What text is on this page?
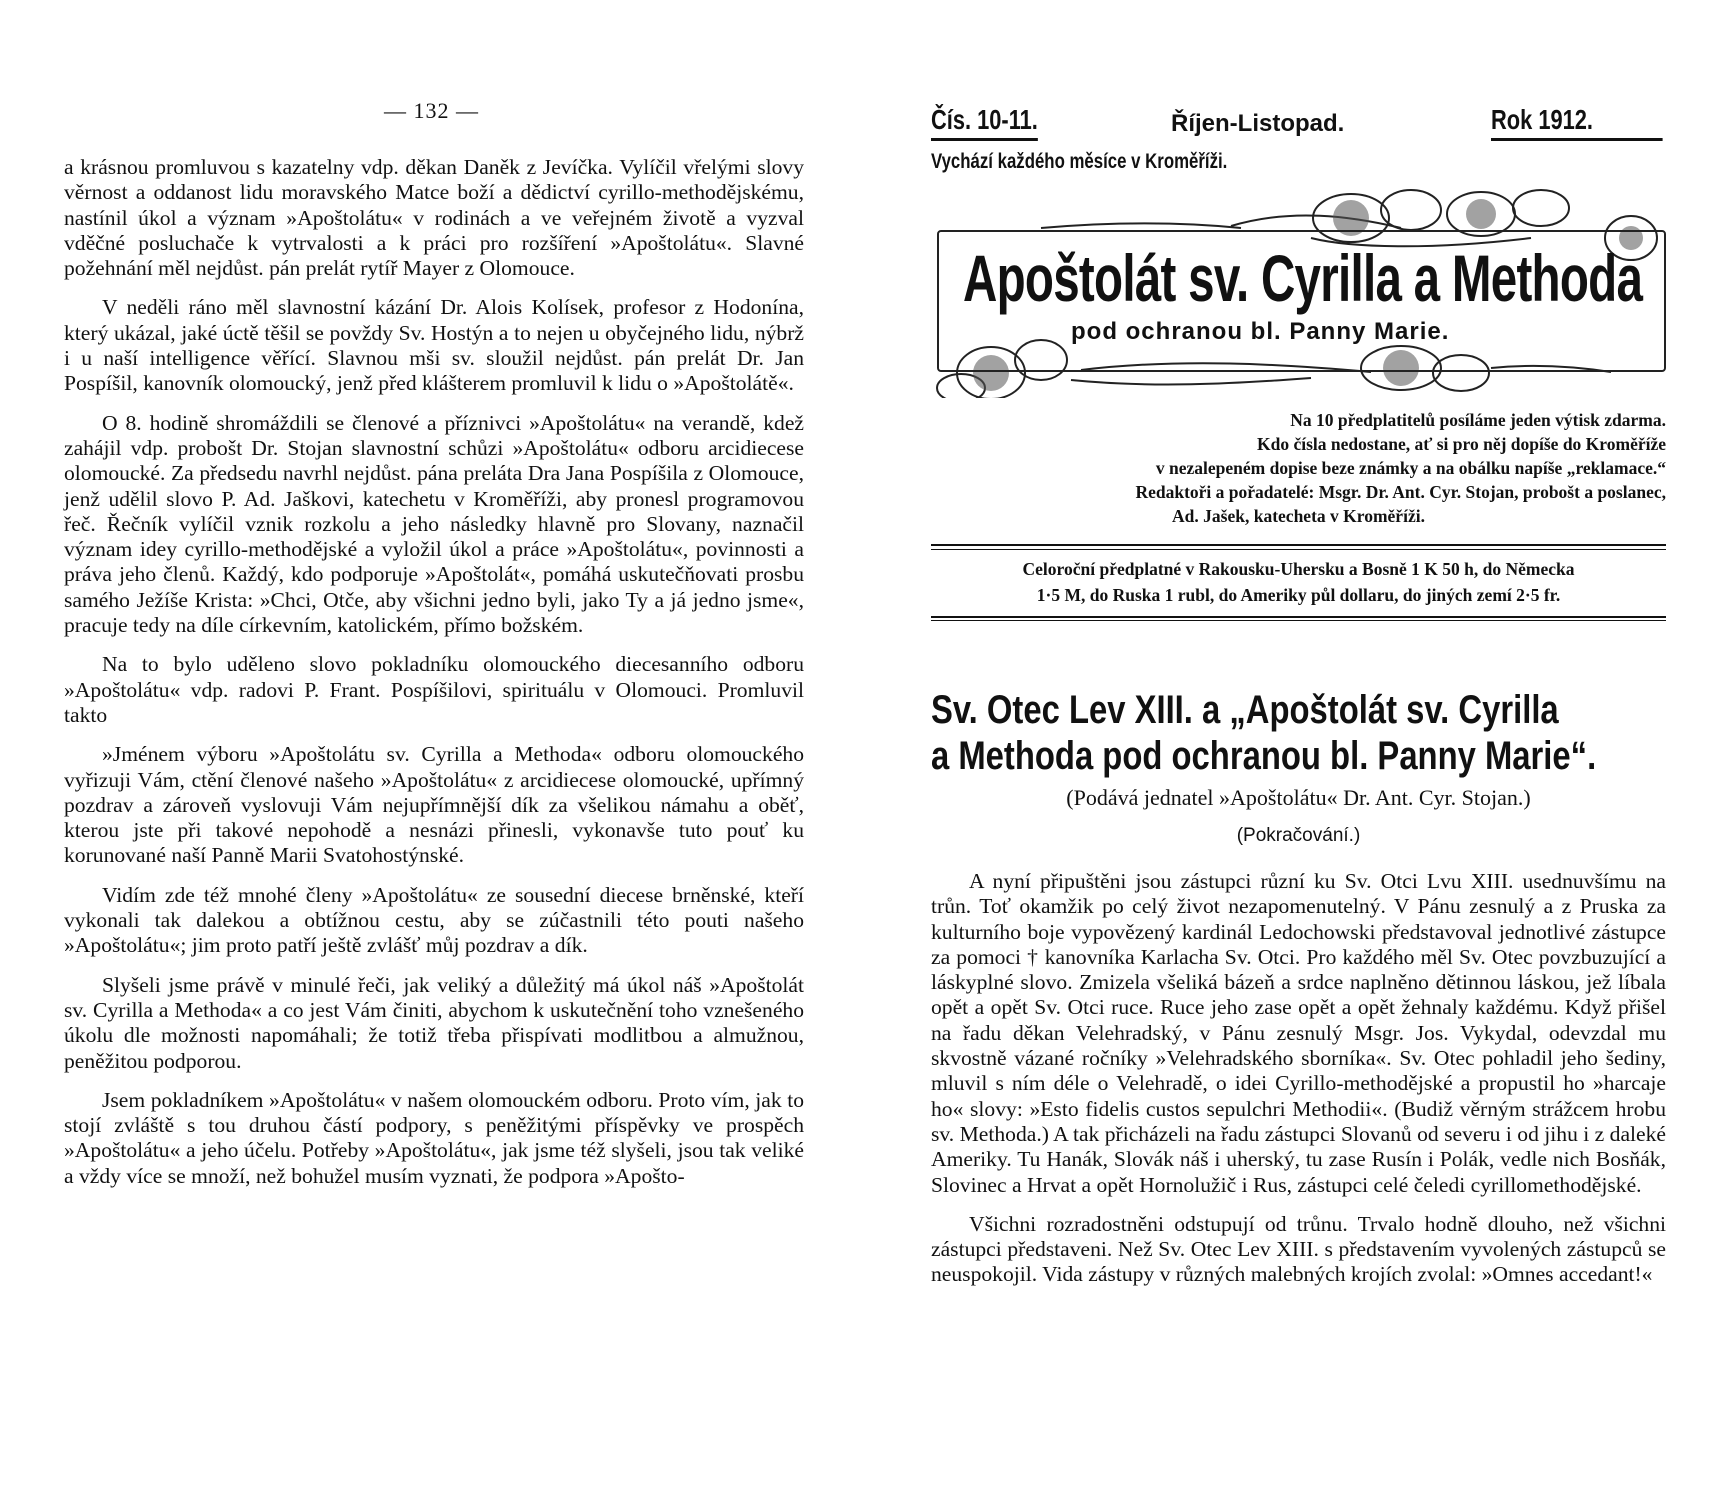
— 132 —

a krásnou promluvou s kazatelny vdp. děkan Daněk z Jevíčka. Vylíčil vřelými slovy věrnost a oddanost lidu moravského Matce boží a dědictví cyrillo-methodějskému, nastínil úkol a význam »Apoštolátu« v rodinách a ve veřejném životě a vyzval vděčné posluchače k vytrvalosti a k práci pro rozšíření »Apoštolátu«. Slavné požehnání měl nejdůst. pán prelát rytíř Mayer z Olomouce.

V neděli ráno měl slavnostní kázání Dr. Alois Kolísek, profesor z Hodonína, který ukázal, jaké úctě těšil se povždy Sv. Hostýn a to nejen u obyčejného lidu, nýbrž i u naší intelligence věřící. Slavnou mši sv. sloužil nejdůst. pán prelát Dr. Jan Pospíšil, kanovník olomoucký, jenž před klášterem promluvil k lidu o »Apoštolátě«.

O 8. hodině shromáždili se členové a příznivci »Apoštolátu« na verandě, kdež zahájil vdp. probošt Dr. Stojan slavnostní schůzi »Apoštolátu« odboru arcidiecese olomoucké. Za předsedu navrhl nejdůst. pána preláta Dra Jana Pospíšila z Olomouce, jenž udělil slovo P. Ad. Jaškovi, katechetu v Kroměříži, aby pronesl programovou řeč. Řečník vylíčil vznik rozkolu a jeho následky hlavně pro Slovany, naznačil význam idey cyrillo-methodějské a vyložil úkol a práce »Apoštolátu«, povinnosti a práva jeho členů. Každý, kdo podporuje »Apoštolát«, pomáhá uskutečňovati prosbu samého Ježíše Krista: »Chci, Otče, aby všichni jedno byli, jako Ty a já jedno jsme«, pracuje tedy na díle církevním, katolickém, přímo božském.

Na to bylo uděleno slovo pokladníku olomouckého diecesanního odboru »Apoštolátu« vdp. radovi P. Frant. Pospíšilovi, spirituálu v Olomouci. Promluvil takto

»Jménem výboru »Apoštolátu sv. Cyrilla a Methoda« odboru olomouckého vyřizuji Vám, ctění členové našeho »Apoštolátu« z arcidiecese olomoucké, upřímný pozdrav a zároveň vyslovuji Vám nejupřímnější dík za všelikou námahu a oběť, kterou jste při takové nepohodě a nesnázi přinesli, vykonavše tuto pouť ku korunované naší Panně Marii Svatohostýnské.

Vidím zde též mnohé členy »Apoštolátu« ze sousední diecese brněnské, kteří vykonali tak dalekou a obtížnou cestu, aby se zúčastnili této pouti našeho »Apoštolátu«; jim proto patří ještě zvlášť můj pozdrav a dík.

Slyšeli jsme právě v minulé řeči, jak veliký a důležitý má úkol náš »Apoštolát sv. Cyrilla a Methoda« a co jest Vám činiti, abychom k uskutečnění toho vznešeného úkolu dle možnosti napomáhali; že totiž třeba přispívati modlitbou a almužnou, peněžitou podporou.

Jsem pokladníkem »Apoštolátu« v našem olomouckém odboru. Proto vím, jak to stojí zvláště s tou druhou částí podpory, s peněžitými příspěvky ve prospěch »Apoštolátu« a jeho účelu. Potřeby »Apoštolátu«, jak jsme též slyšeli, jsou tak veliké a vždy více se množí, než bohužel musím vyznati, že podpora »Apošto-

Čís. 10-11.	Říjen-Listopad.	Rok 1912.
Vychází každého měsíce v Kroměříži.
Apoštolát sv. Cyrilla a Methoda
pod ochranou bl. Panny Marie.
Na 10 předplatitelů posíláme jeden výtisk zdarma.
Kdo čísla nedostane, ať si pro něj dopíše do Kroměříže
v nezalepeném dopise beze známky a na obálku napíše „reklamace.“
Redaktoři a pořadatelé: Msgr. Dr. Ant. Cyr. Stojan, probošt a poslanec,
Ad. Jašek, katecheta v Kroměříži.
Celoroční předplatné v Rakousku-Uhersku a Bosně 1 K 50 h, do Německa
1·5 M, do Ruska 1 rubl, do Ameriky půl dollaru, do jiných zemí 2·5 fr.
Sv. Otec Lev XIII. a „Apoštolát sv. Cyrilla
a Methoda pod ochranou bl. Panny Marie“.
(Podává jednatel »Apoštolátu« Dr. Ant. Cyr. Stojan.)
(Pokračování.)

A nyní připuštěni jsou zástupci různí ku Sv. Otci Lvu XIII. usednuvšímu na trůn. Toť okamžik po celý život nezapomenutelný. V Pánu zesnulý a z Pruska za kulturního boje vypovězený kardinál Ledochowski představoval jednotlivé zástupce za pomoci † kanovníka Karlacha Sv. Otci. Pro každého měl Sv. Otec povzbuzující a láskyplné slovo. Zmizela všeliká bázeň a srdce naplněno dětinnou láskou, jež líbala opět a opět Sv. Otci ruce. Ruce jeho zase opět a opět žehnaly každému. Když přišel na řadu děkan Velehradský, v Pánu zesnulý Msgr. Jos. Vykydal, odevzdal mu skvostně vázané ročníky »Velehradského sborníka«. Sv. Otec pohladil jeho šediny, mluvil s ním déle o Velehradě, o idei Cyrillo-methodějské a propustil ho »harcaje ho« slovy: »Esto fidelis custos sepulchri Methodii«. (Budiž věrným strážcem hrobu sv. Methoda.) A tak přicházeli na řadu zástupci Slovanů od severu i od jihu i z daleké Ameriky. Tu Hanák, Slovák náš i uherský, tu zase Rusín i Polák, vedle nich Bosňák, Slovinec a Hrvat a opět Hornolužič i Rus, zástupci celé čeledi cyrillomethodějské.

Všichni rozradostněni odstupují od trůnu. Trvalo hodně dlouho, než všichni zástupci představeni. Než Sv. Otec Lev XIII. s představením vyvolených zástupců se neuspokojil. Vida zástupy v různých malebných krojích zvolal: »Omnes accedant!«
